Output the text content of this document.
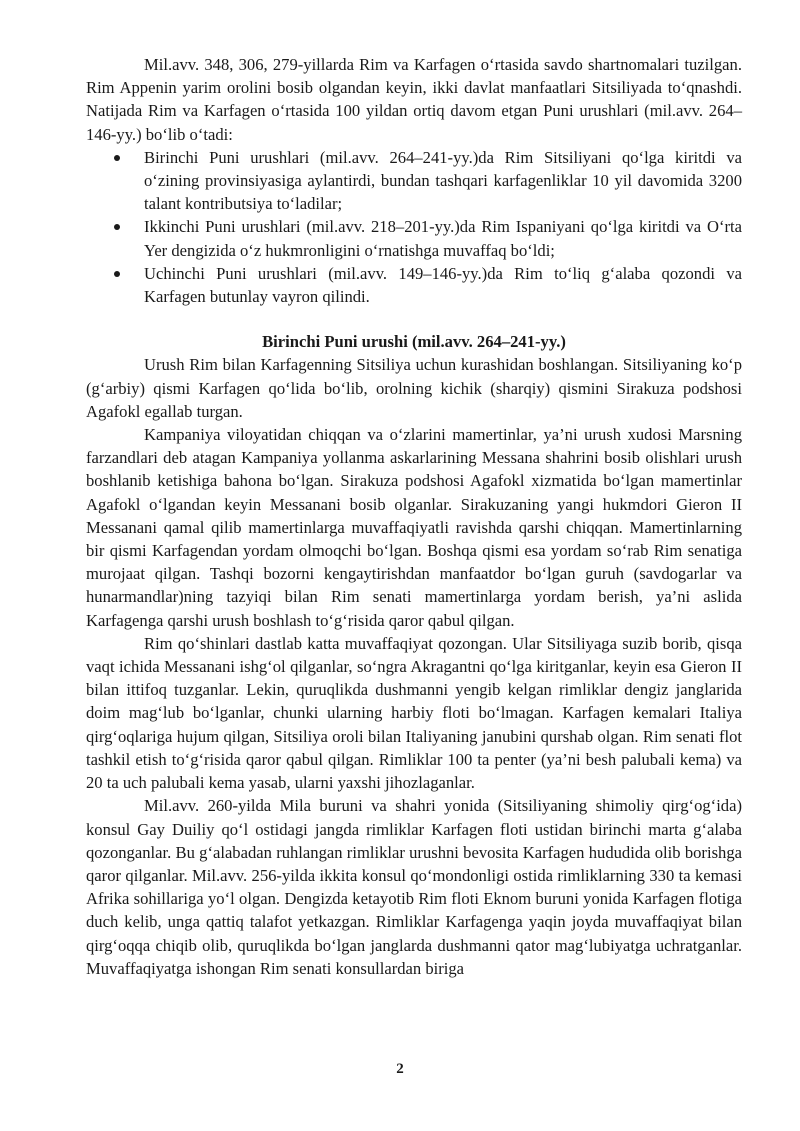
Mil.avv. 348, 306, 279-yillarda Rim va Karfagen o‘rtasida savdo shartnomalari tuzilgan. Rim Appenin yarim orolini bosib olgandan keyin, ikki davlat manfaatlari Sitsiliyada to‘qnashdi. Natijada Rim va Karfagen o‘rtasida 100 yildan ortiq davom etgan Puni urushlari (mil.avv. 264–146-yy.) bo‘lib o‘tadi:

Birinchi Puni urushlari (mil.avv. 264–241-yy.)da Rim Sitsiliyani qo‘lga kiritdi va o‘zining provinsiyasiga aylantirdi, bundan tashqari karfagenliklar 10 yil davomida 3200 talant kontributsiya to‘ladilar;
Ikkinchi Puni urushlari (mil.avv. 218–201-yy.)da Rim Ispaniyani qo‘lga kiritdi va O‘rta Yer dengizida o‘z hukmronligini o‘rnatishga muvaffaq bo‘ldi;
Uchinchi Puni urushlari (mil.avv. 149–146-yy.)da Rim to‘liq g‘alaba qozondi va Karfagen butunlay vayron qilindi.
Birinchi Puni urushi (mil.avv. 264–241-yy.)

Urush Rim bilan Karfagenning Sitsiliya uchun kurashidan boshlangan. Sitsiliyaning ko‘p (g‘arbiy) qismi Karfagen qo‘lida bo‘lib, orolning kichik (sharqiy) qismini Sirakuza podshosi Agafokl egallab turgan.

Kampaniya viloyatidan chiqqan va o‘zlarini mamertinlar, ya’ni urush xudosi Marsning farzandlari deb atagan Kampaniya yollanma askarlarining Messana shahrini bosib olishlari urush boshlanib ketishiga bahona bo‘lgan. Sirakuza podshosi Agafokl xizmatida bo‘lgan mamertinlar Agafokl o‘lgandan keyin Messanani bosib olganlar. Sirakuzaning yangi hukmdori Gieron II Messanani qamal qilib mamertinlarga muvaffaqiyatli ravishda qarshi chiqqan. Mamertinlarning bir qismi Karfagendan yordam olmoqchi bo‘lgan. Boshqa qismi esa yordam so‘rab Rim senatiga murojaat qilgan. Tashqi bozorni kengaytirishdan manfaatdor bo‘lgan guruh (savdogarlar va hunarmandlar)ning tazyiqi bilan Rim senati mamertinlarga yordam berish, ya’ni aslida Karfagenga qarshi urush boshlash to‘g‘risida qaror qabul qilgan.

Rim qo‘shinlari dastlab katta muvaffaqiyat qozongan. Ular Sitsiliyaga suzib borib, qisqa vaqt ichida Messanani ishg‘ol qilganlar, so‘ngra Akragantni qo‘lga kiritganlar, keyin esa Gieron II bilan ittifoq tuzganlar. Lekin, quruqlikda dushmanni yengib kelgan rimliklar dengiz janglarida doim mag‘lub bo‘lganlar, chunki ularning harbiy floti bo‘lmagan. Karfagen kemalari Italiya qirg‘oqlariga hujum qilgan, Sitsiliya oroli bilan Italiyaning janubini qurshab olgan. Rim senati flot tashkil etish to‘g‘risida qaror qabul qilgan. Rimliklar 100 ta penter (ya’ni besh palubali kema) va 20 ta uch palubali kema yasab, ularni yaxshi jihozlaganlar.

Mil.avv. 260-yilda Mila buruni va shahri yonida (Sitsiliyaning shimoliy qirg‘og‘ida) konsul Gay Duiliy qo‘l ostidagi jangda rimliklar Karfagen floti ustidan birinchi marta g‘alaba qozonganlar. Bu g‘alabadan ruhlangan rimliklar urushni bevosita Karfagen hududida olib borishga qaror qilganlar. Mil.avv. 256-yilda ikkita konsul qo‘mondonligi ostida rimliklarning 330 ta kemasi Afrika sohillariga yo‘l olgan. Dengizda ketayotib Rim floti Eknom buruni yonida Karfagen flotiga duch kelib, unga qattiq talafot yetkazgan. Rimliklar Karfagenga yaqin joyda muvaffaqiyat bilan qirg‘oqqa chiqib olib, quruqlikda bo‘lgan janglarda dushmanni qator mag‘lubiyatga uchratganlar. Muvaffaqiyatga ishongan Rim senati konsullardan biriga

2
